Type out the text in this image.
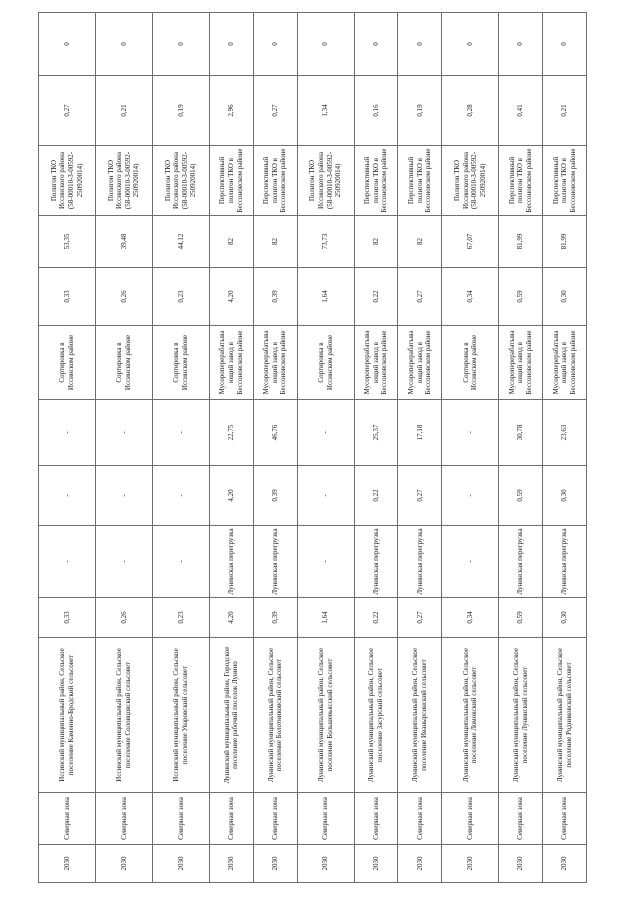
2030	Северная зона	Иссинский муниципальный район, Сельское поселение Каменно-Бродский сельсовет	0,33	-	-	-	Сортировка в Иссинском районе	0,33	53,35	Полигон ТКО Иссинского района (58-00010-З-00592-250920014)	0,27	0
2030	Северная зона	Иссинский муниципальный район, Сельское поселение Соловцовский сельсовет	0,26	-	-	-	Сортировка в Иссинском районе	0,26	39,48	Полигон ТКО Иссинского района (58-00010-З-00592-250920014)	0,21	0
2030	Северная зона	Иссинский муниципальный район, Сельское поселение Уваровский сельсовет	0,23	-	-	-	Сортировка в Иссинском районе	0,23	44,12	Полигон ТКО Иссинского района (58-00010-З-00592-250920014)	0,19	0
2030	Северная зона	Лунинский муниципальный район, Городское поселение рабочий поселок Лунино	4,20	Лунинская перегрузка	4,20	22,75	Мусороперерабатывающий завод в Бессоновском районе	4,20	82	Перспективный полигон ТКО в Бессоновском районе	2,96	0
2030	Северная зона	Лунинский муниципальный район, Сельское поселение Болотниковский сельсовет	0,39	Лунинская перегрузка	0,39	46,76	Мусороперерабатывающий завод в Бессоновском районе	0,39	82	Перспективный полигон ТКО в Бессоновском районе	0,27	0
2030	Северная зона	Лунинский муниципальный район, Сельское поселение Большевьясский сельсовет	1,64	-	-	-	Сортировка в Иссинском районе	1,64	73,73	Полигон ТКО Иссинского района (58-00010-З-00592-250920014)	1,34	0
2030	Северная зона	Лунинский муниципальный район, Сельское поселение Засурский сельсовет	0,22	Лунинская перегрузка	0,22	25,37	Мусороперерабатывающий завод в Бессоновском районе	0,22	82	Перспективный полигон ТКО в Бессоновском районе	0,16	0
2030	Северная зона	Лунинский муниципальный район, Сельское поселение Иванырсинский сельсовет	0,27	Лунинская перегрузка	0,27	17,18	Мусороперерабатывающий завод в Бессоновском районе	0,27	82	Перспективный полигон ТКО в Бессоновском районе	0,19	0
2030	Северная зона	Лунинский муниципальный район, Сельское поселение Ломовский сельсовет	0,34	-	-	-	Сортировка в Иссинском районе	0,34	67,07	Полигон ТКО Иссинского района (58-00010-З-00592-250920014)	0,28	0
2030	Северная зона	Лунинский муниципальный район, Сельское поселение Лунинский сельсовет	0,59	Лунинская перегрузка	0,59	30,78	Мусороперерабатывающий завод в Бессоновском районе	0,59	81,99	Перспективный полигон ТКО в Бессоновском районе	0,41	0
2030	Северная зона	Лунинский муниципальный район, Сельское поселение Родниковский сельсовет	0,30	Лунинская перегрузка	0,30	23,63	Мусороперерабатывающий завод в Бессоновском районе	0,30	81,99	Перспективный полигон ТКО в Бессоновском районе	0,21	0
